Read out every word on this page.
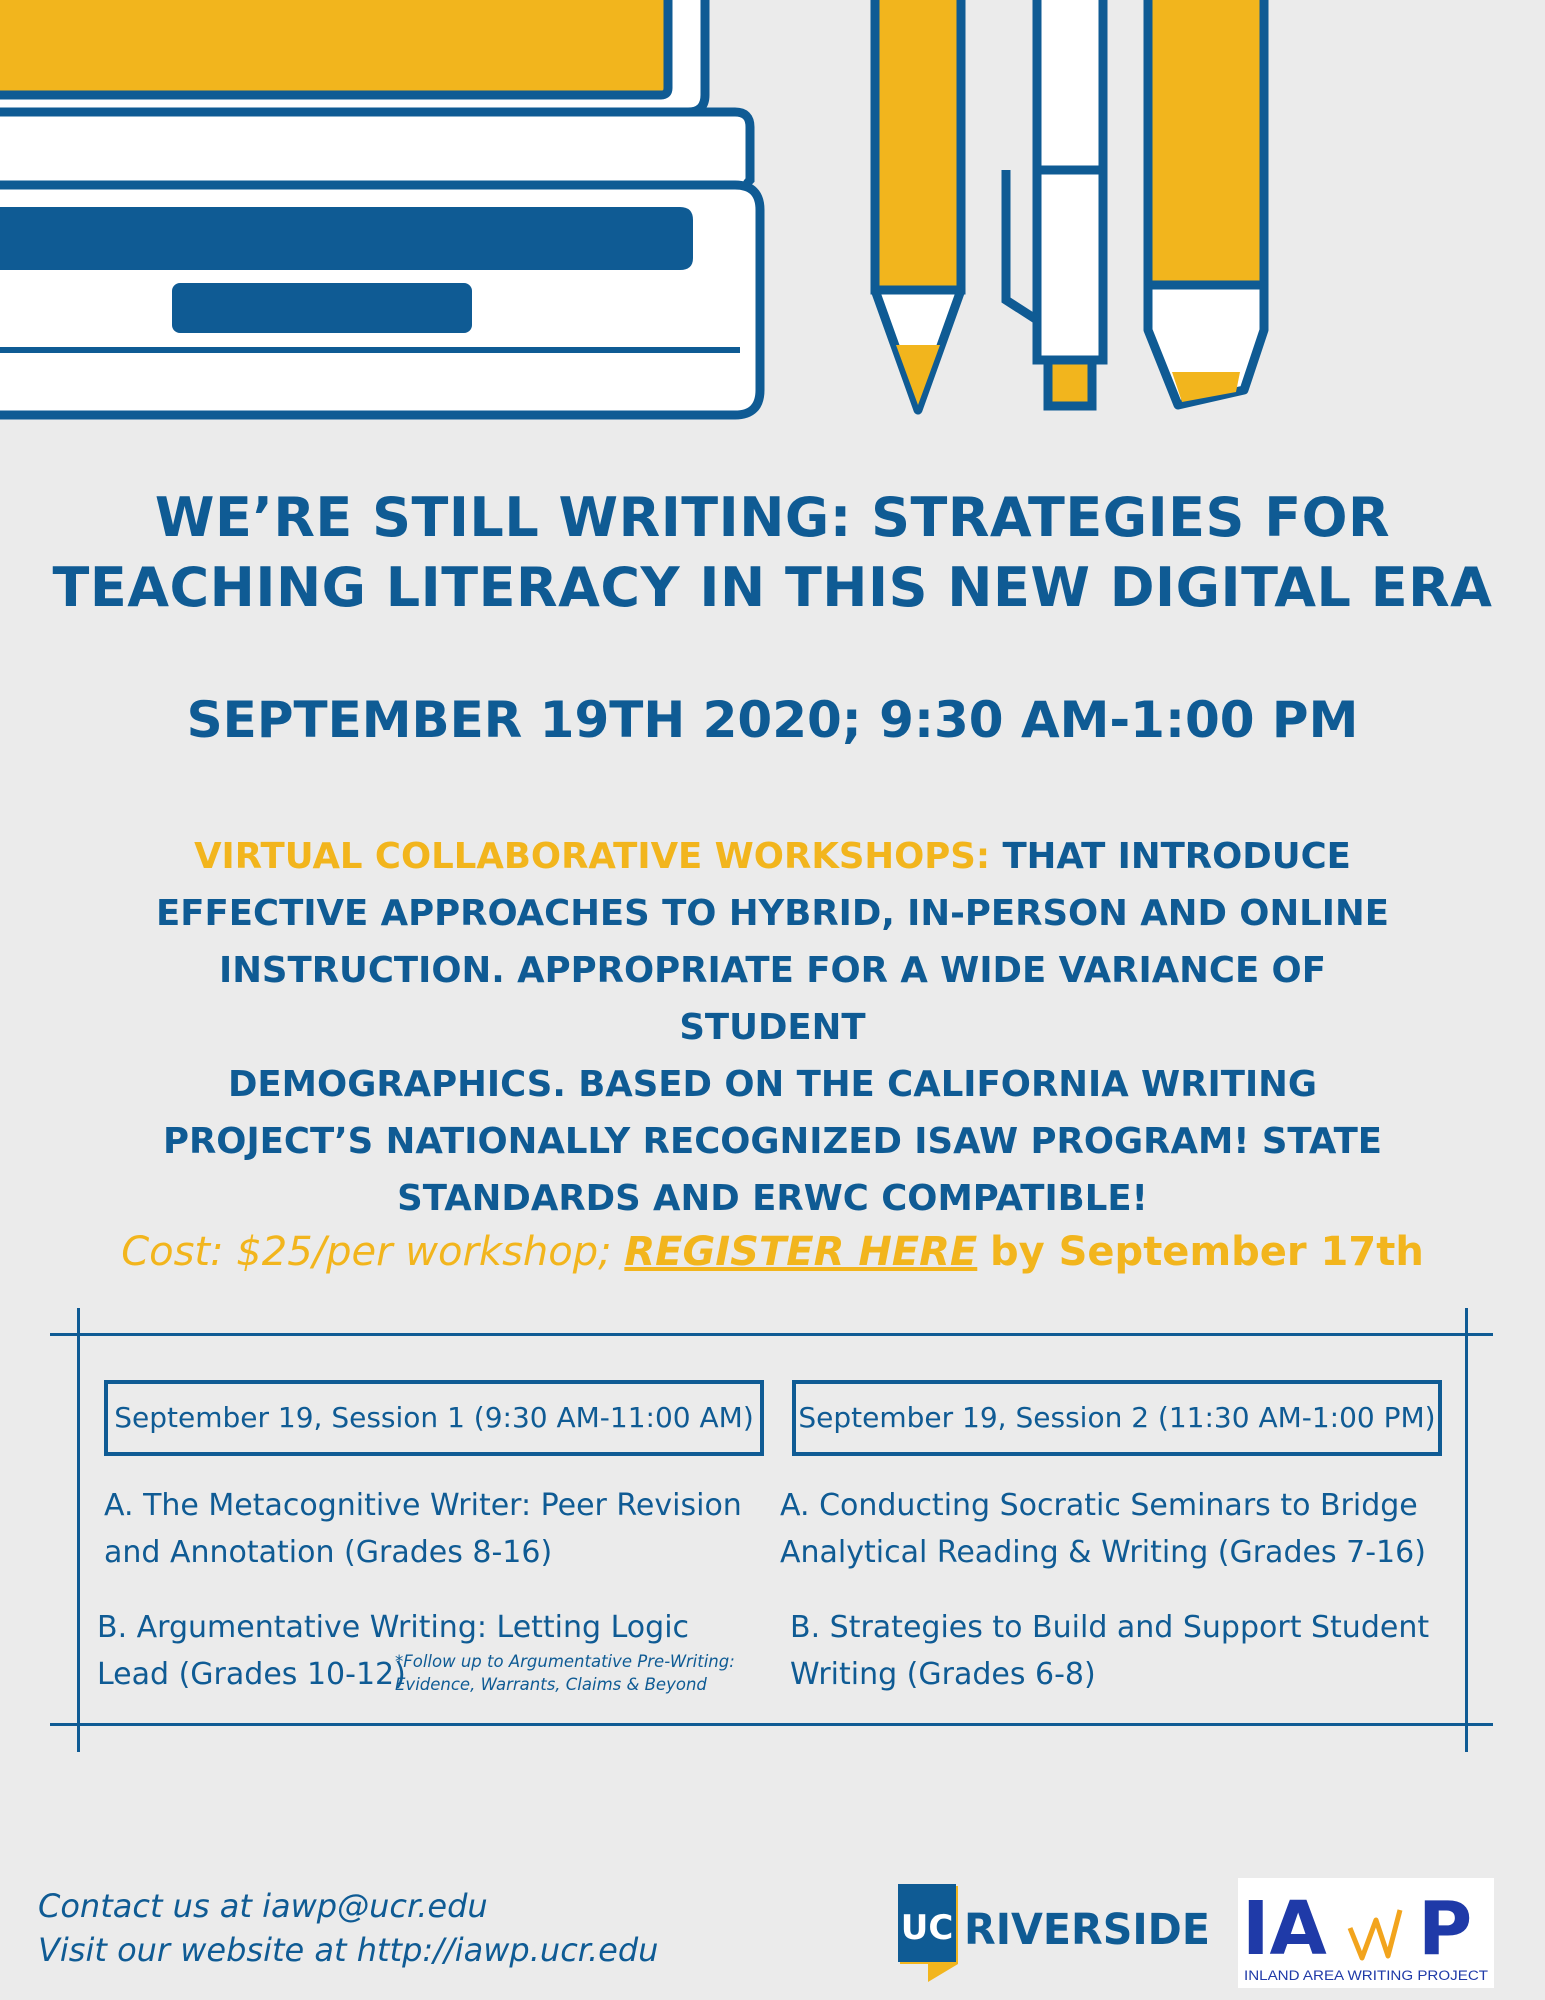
WE’RE STILL WRITING: STRATEGIES FOR
TEACHING LITERACY IN THIS NEW DIGITAL ERA
SEPTEMBER 19TH 2020; 9:30 AM-1:00 PM
VIRTUAL COLLABORATIVE WORKSHOPS: THAT INTRODUCE
EFFECTIVE APPROACHES TO HYBRID, IN-PERSON AND ONLINE
INSTRUCTION. APPROPRIATE FOR A WIDE VARIANCE OF STUDENT
DEMOGRAPHICS. BASED ON THE CALIFORNIA WRITING
PROJECT’S NATIONALLY RECOGNIZED ISAW PROGRAM! STATE
STANDARDS AND ERWC COMPATIBLE!
Cost: $25/per workshop; REGISTER HERE by September 17th
September 19, Session 1 (9:30 AM-11:00 AM)	September 19, Session 2 (11:30 AM-1:00 PM)
A. The Metacognitive Writer: Peer Revision
and Annotation (Grades 8-16)
B. Argumentative Writing: Letting Logic
Lead (Grades 10-12)
*Follow up to Argumentative Pre-Writing:
Evidence, Warrants, Claims & Beyond
A. Conducting Socratic Seminars to Bridge
Analytical Reading & Writing (Grades 7-16)
B. Strategies to Build and Support Student
Writing (Grades 6-8)
Contact us at iawp@ucr.edu
Visit our website at http://iawp.ucr.edu
UC RIVERSIDE IA P
INLAND AREA WRITING PROJECT
